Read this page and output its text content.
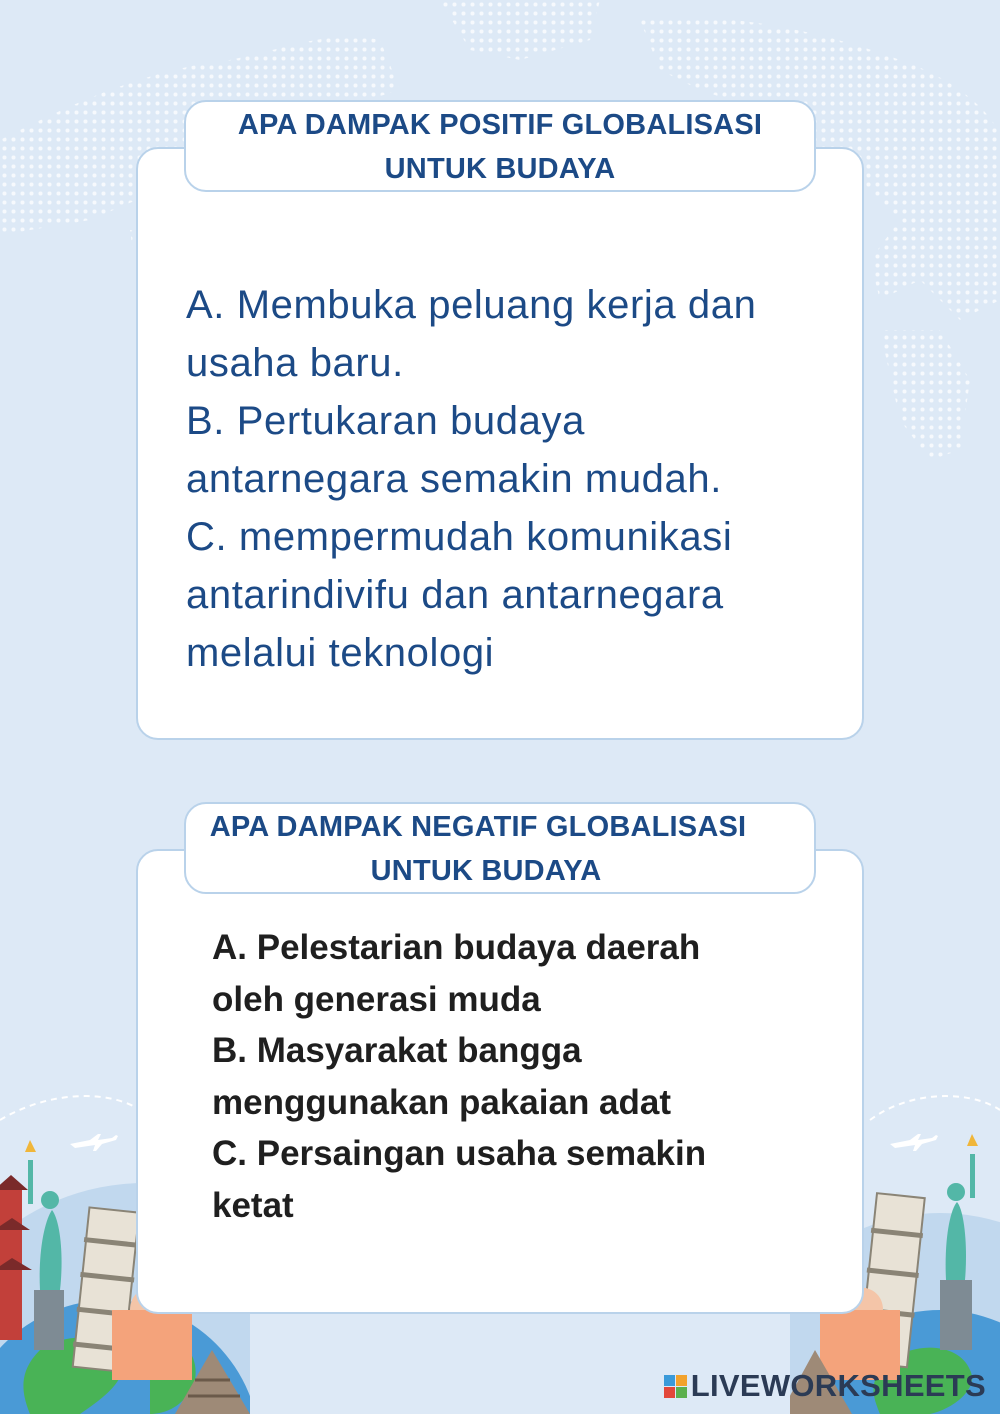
APA DAMPAK POSITIF GLOBALISASI
UNTUK BUDAYA
A. Membuka peluang kerja dan
usaha baru.
B. Pertukaran budaya
antarnegara semakin mudah.
C. mempermudah komunikasi
antarindivifu dan antarnegara
melalui teknologi
APA DAMPAK NEGATIF GLOBALISASI
UNTUK BUDAYA
A. Pelestarian budaya daerah
oleh generasi muda
B. Masyarakat bangga
menggunakan pakaian adat
C. Persaingan usaha semakin
ketat
LIVEWORKSHEETS
